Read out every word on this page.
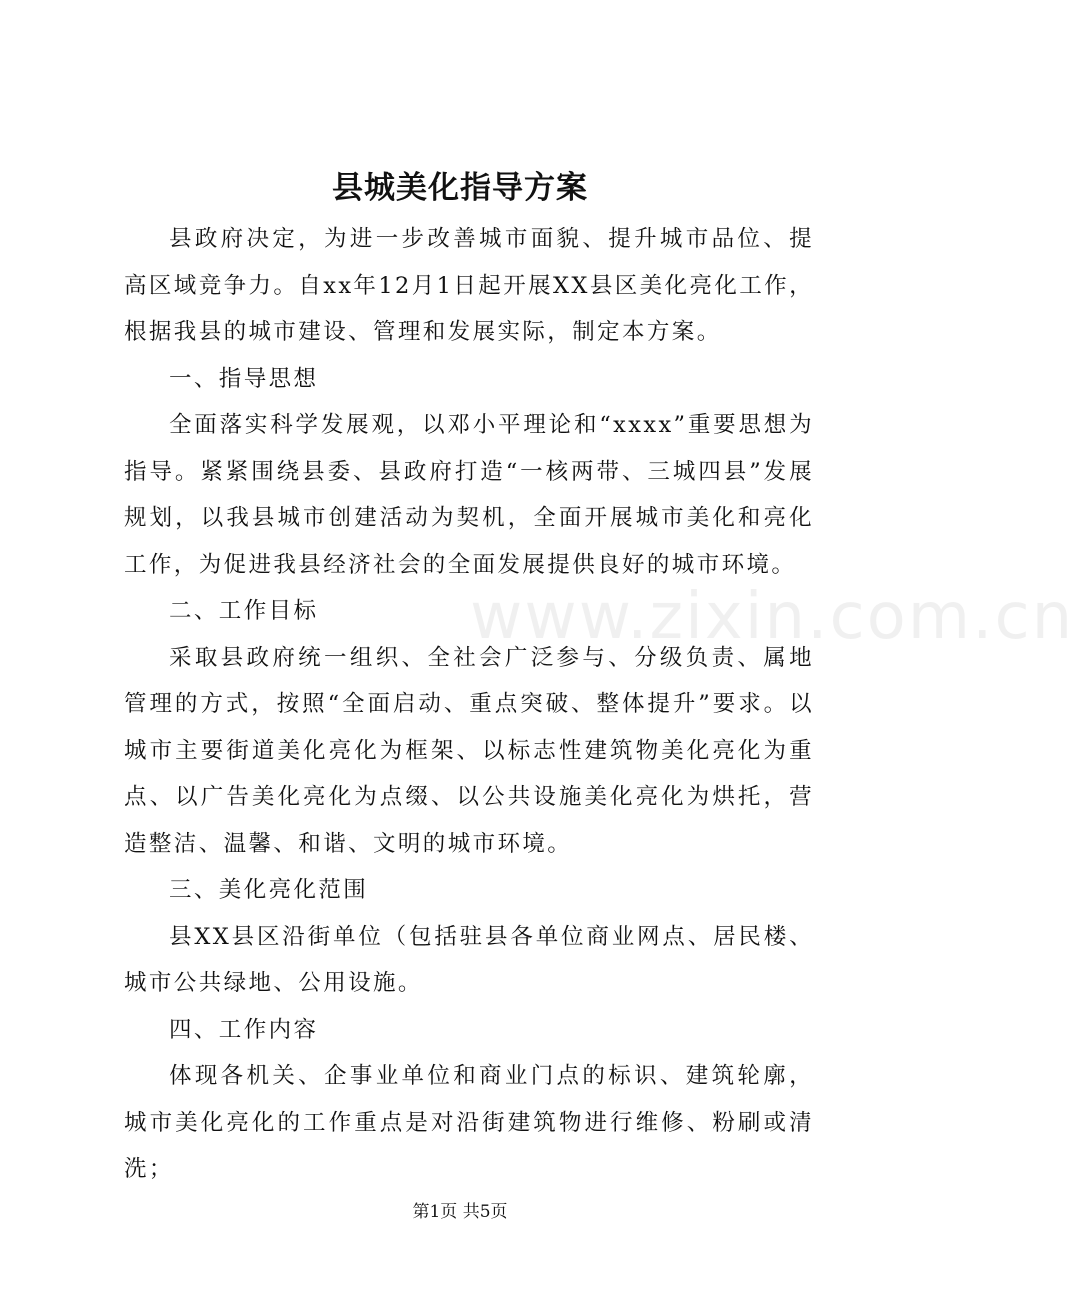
县城美化指导方案

县政府决定，为进一步改善城市面貌、提升城市品位、提高区域竞争力。自xx年12月1日起开展XX县区美化亮化工作，根据我县的城市建设、管理和发展实际，制定本方案。

一、指导思想

全面落实科学发展观，以邓小平理论和“xxxx”重要思想为指导。紧紧围绕县委、县政府打造“一核两带、三城四县”发展规划，以我县城市创建活动为契机，全面开展城市美化和亮化工作，为促进我县经济社会的全面发展提供良好的城市环境。

二、工作目标

采取县政府统一组织、全社会广泛参与、分级负责、属地管理的方式，按照“全面启动、重点突破、整体提升”要求。以城市主要街道美化亮化为框架、以标志性建筑物美化亮化为重点、以广告美化亮化为点缀、以公共设施美化亮化为烘托，营造整洁、温馨、和谐、文明的城市环境。

三、美化亮化范围

县XX县区沿街单位（包括驻县各单位商业网点、居民楼、城市公共绿地、公用设施。

四、工作内容

体现各机关、企事业单位和商业门点的标识、建筑轮廓，城市美化亮化的工作重点是对沿街建筑物进行维修、粉刷或清洗；

www.zixin.com.cn
第1页 共5页
